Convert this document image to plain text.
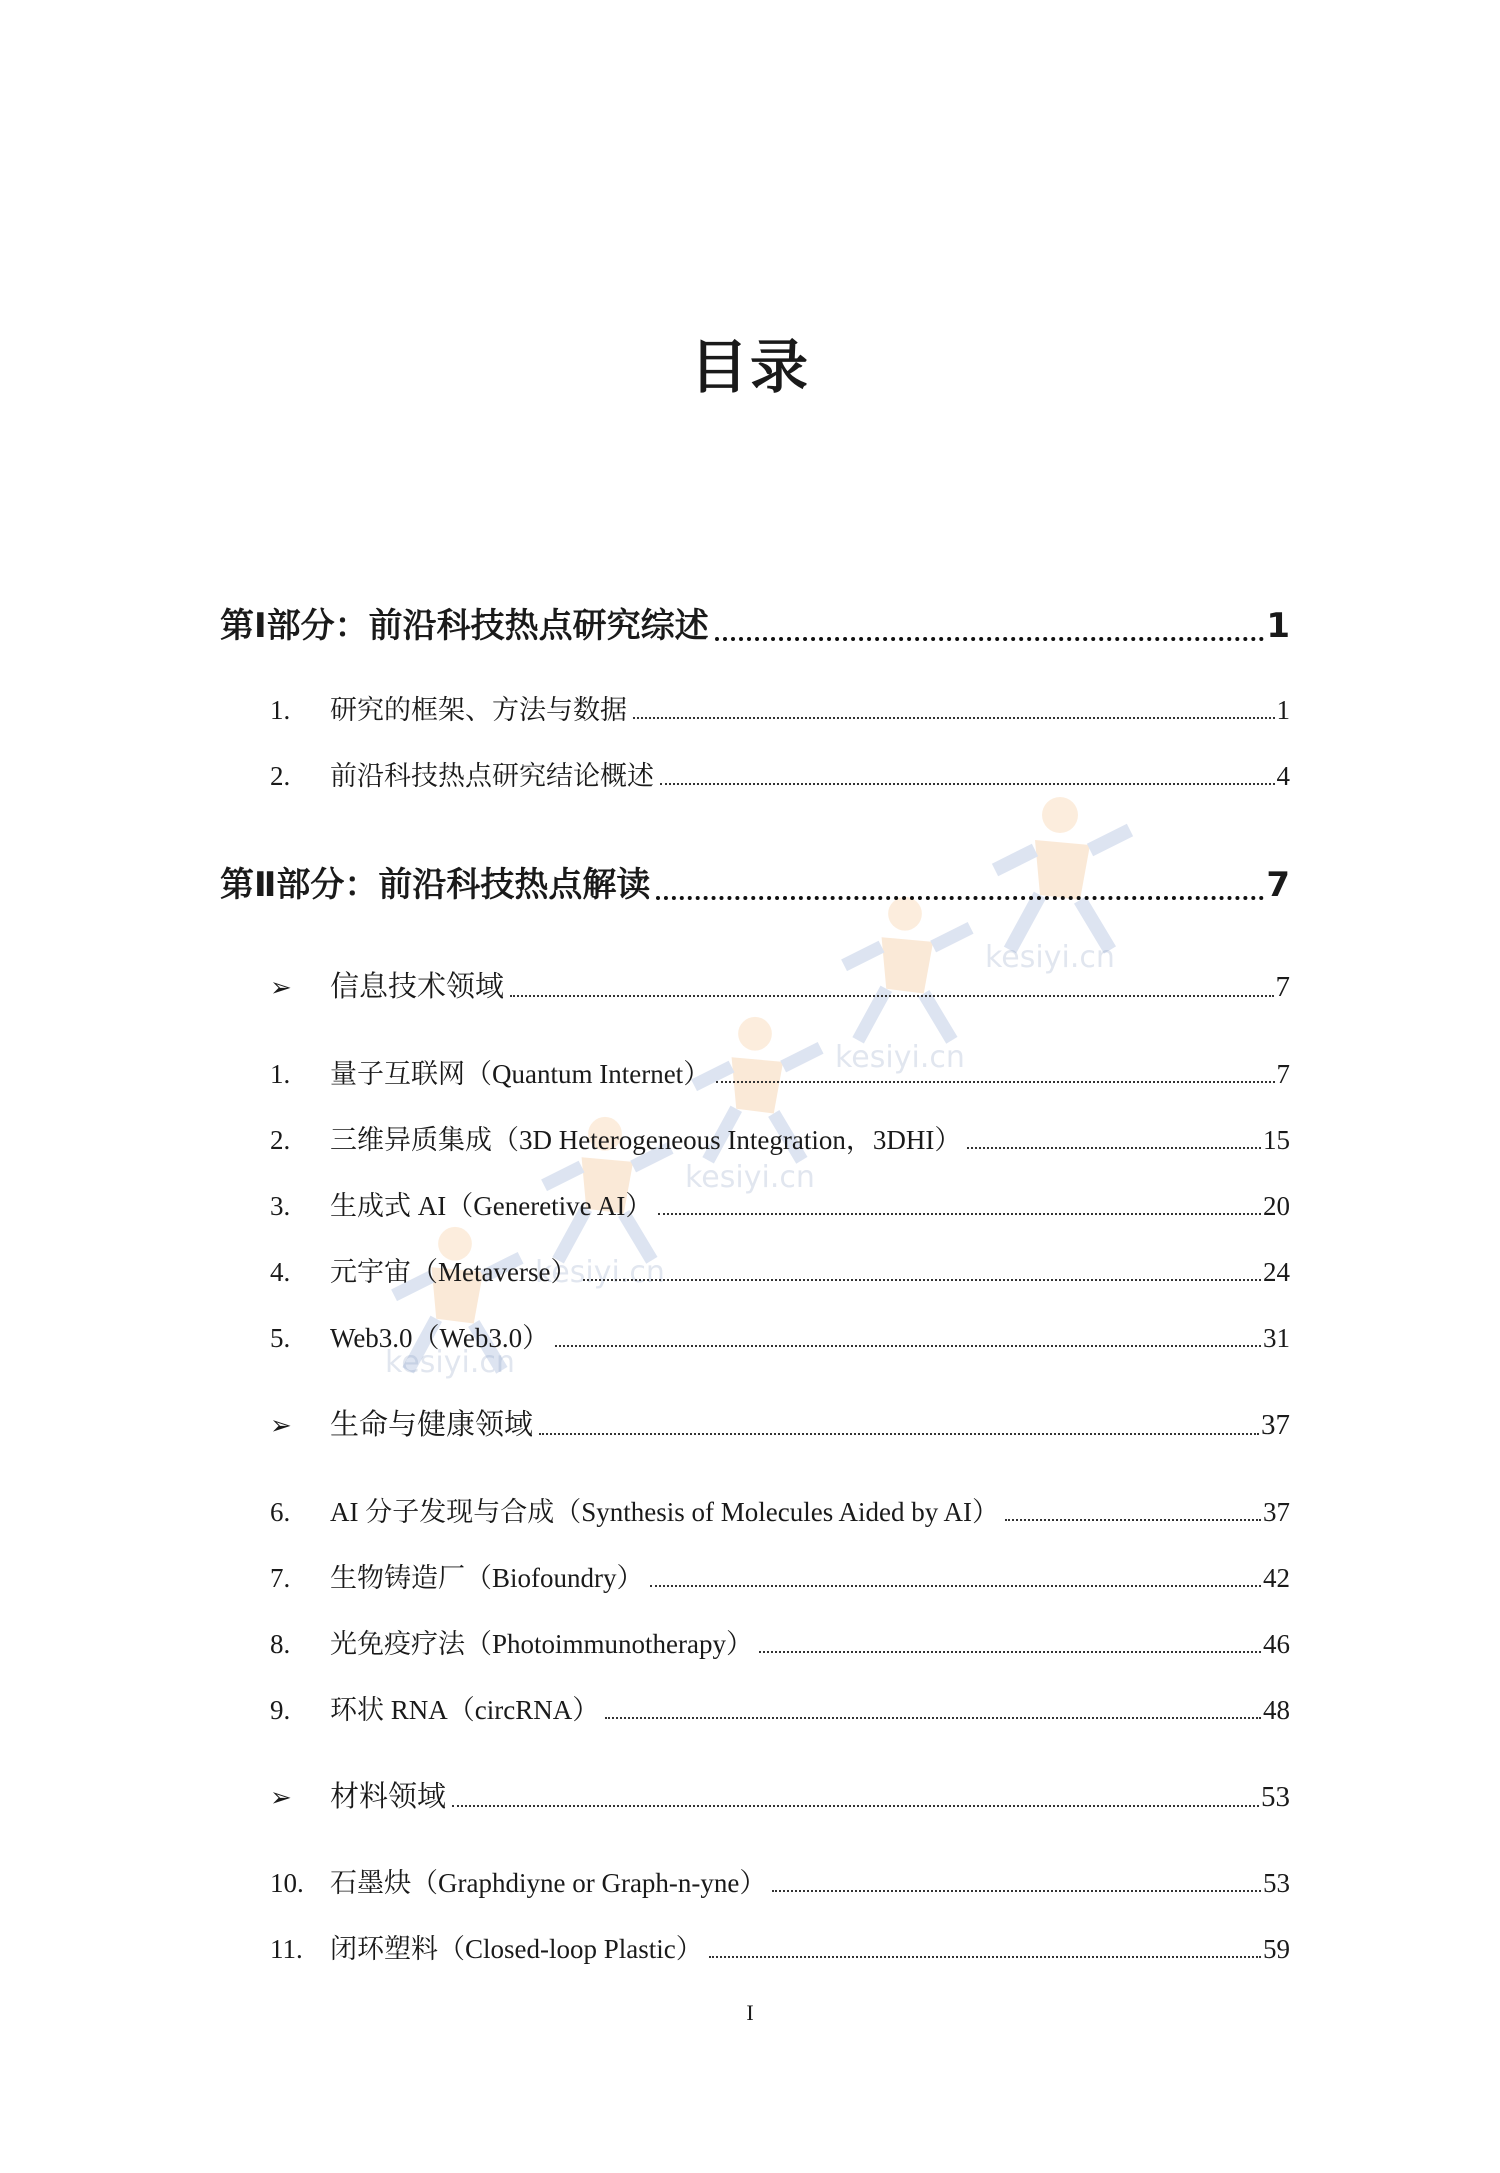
kesiyi.cn
kesiyi.cn
kesiyi.cn
kesiyi.cn
kesiyi.cn
目录
第Ⅰ部分：前沿科技热点研究综述	1
1. 研究的框架、方法与数据	1
2. 前沿科技热点研究结论概述	4
第Ⅱ部分：前沿科技热点解读	7
➢ 信息技术领域	7
1. 量子互联网（Quantum Internet）	7
2. 三维异质集成（3D Heterogeneous Integration，3DHI）	15
3. 生成式 AI（Generetive AI）	20
4. 元宇宙（Metaverse）	24
5. Web3.0（Web3.0）	31
➢ 生命与健康领域	37
6. AI 分子发现与合成（Synthesis of Molecules Aided by AI）	37
7. 生物铸造厂（Biofoundry）	42
8. 光免疫疗法（Photoimmunotherapy）	46
9. 环状 RNA（circRNA）	48
➢ 材料领域	53
10. 石墨炔（Graphdiyne or Graph-n-yne）	53
11. 闭环塑料（Closed-loop Plastic）	59
I
